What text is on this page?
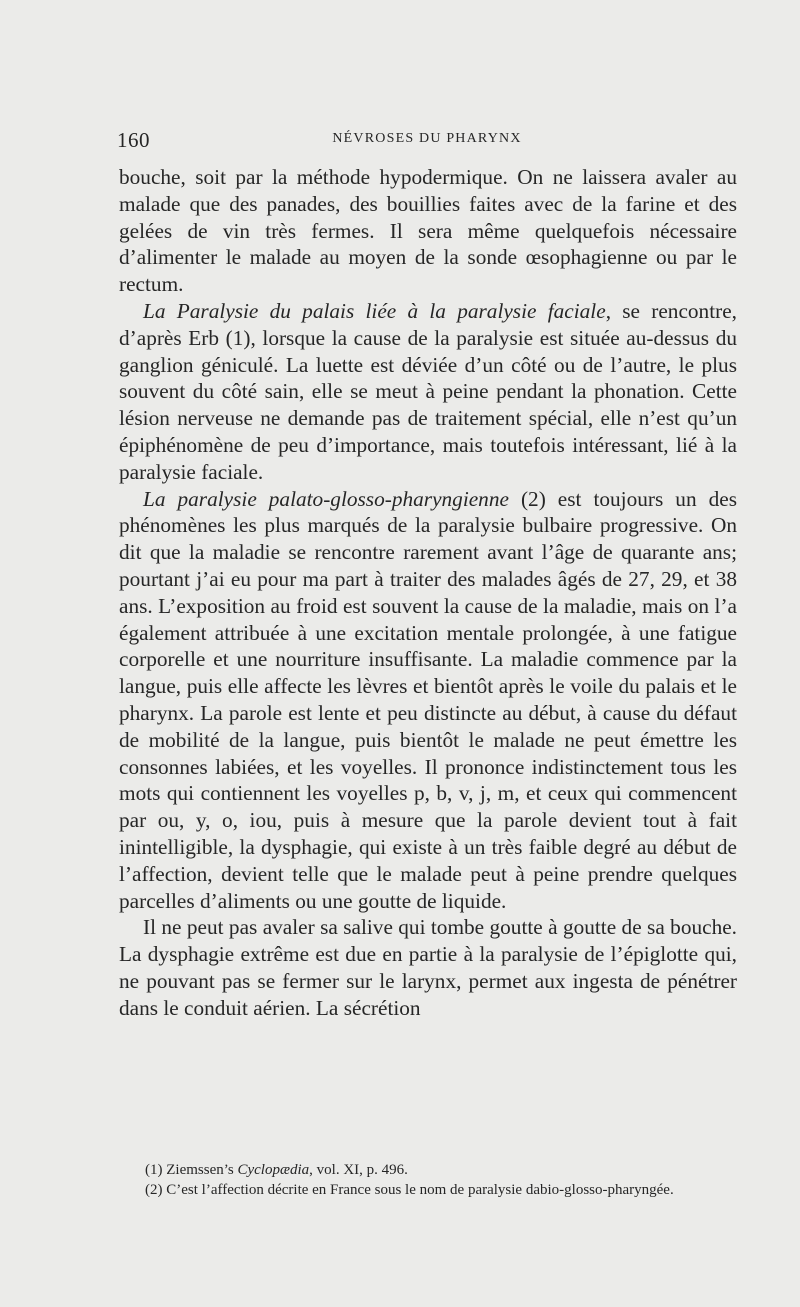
160	NÉVROSES DU PHARYNX

bouche, soit par la méthode hypodermique. On ne laissera avaler au malade que des panades, des bouillies faites avec de la farine et des gelées de vin très fermes. Il sera même quelquefois nécessaire d’alimenter le malade au moyen de la sonde œsophagienne ou par le rectum.

La Paralysie du palais liée à la paralysie faciale, se rencontre, d’après Erb (1), lorsque la cause de la paralysie est située au-dessus du ganglion géniculé. La luette est déviée d’un côté ou de l’autre, le plus souvent du côté sain, elle se meut à peine pendant la phonation. Cette lésion nerveuse ne demande pas de traitement spécial, elle n’est qu’un épiphénomène de peu d’importance, mais toutefois intéressant, lié à la paralysie faciale.

La paralysie palato-glosso-pharyngienne (2) est toujours un des phénomènes les plus marqués de la paralysie bulbaire progressive. On dit que la maladie se rencontre rarement avant l’âge de quarante ans; pourtant j’ai eu pour ma part à traiter des malades âgés de 27, 29, et 38 ans. L’exposition au froid est souvent la cause de la maladie, mais on l’a également attribuée à une excitation mentale prolongée, à une fatigue corporelle et une nourriture insuffisante. La maladie commence par la langue, puis elle affecte les lèvres et bientôt après le voile du palais et le pharynx. La parole est lente et peu distincte au début, à cause du défaut de mobilité de la langue, puis bientôt le malade ne peut émettre les consonnes labiées, et les voyelles. Il prononce indistinctement tous les mots qui contiennent les voyelles p, b, v, j, m, et ceux qui commencent par ou, y, o, iou, puis à mesure que la parole devient tout à fait inintelligible, la dysphagie, qui existe à un très faible degré au début de l’affection, devient telle que le malade peut à peine prendre quelques parcelles d’aliments ou une goutte de liquide.

Il ne peut pas avaler sa salive qui tombe goutte à goutte de sa bouche. La dysphagie extrême est due en partie à la paralysie de l’épiglotte qui, ne pouvant pas se fermer sur le larynx, permet aux ingesta de pénétrer dans le conduit aérien. La sécrétion

(1) Ziemssen’s Cyclopædia, vol. XI, p. 496.

(2) C’est l’affection décrite en France sous le nom de paralysie dabio-glosso-pharyngée.
